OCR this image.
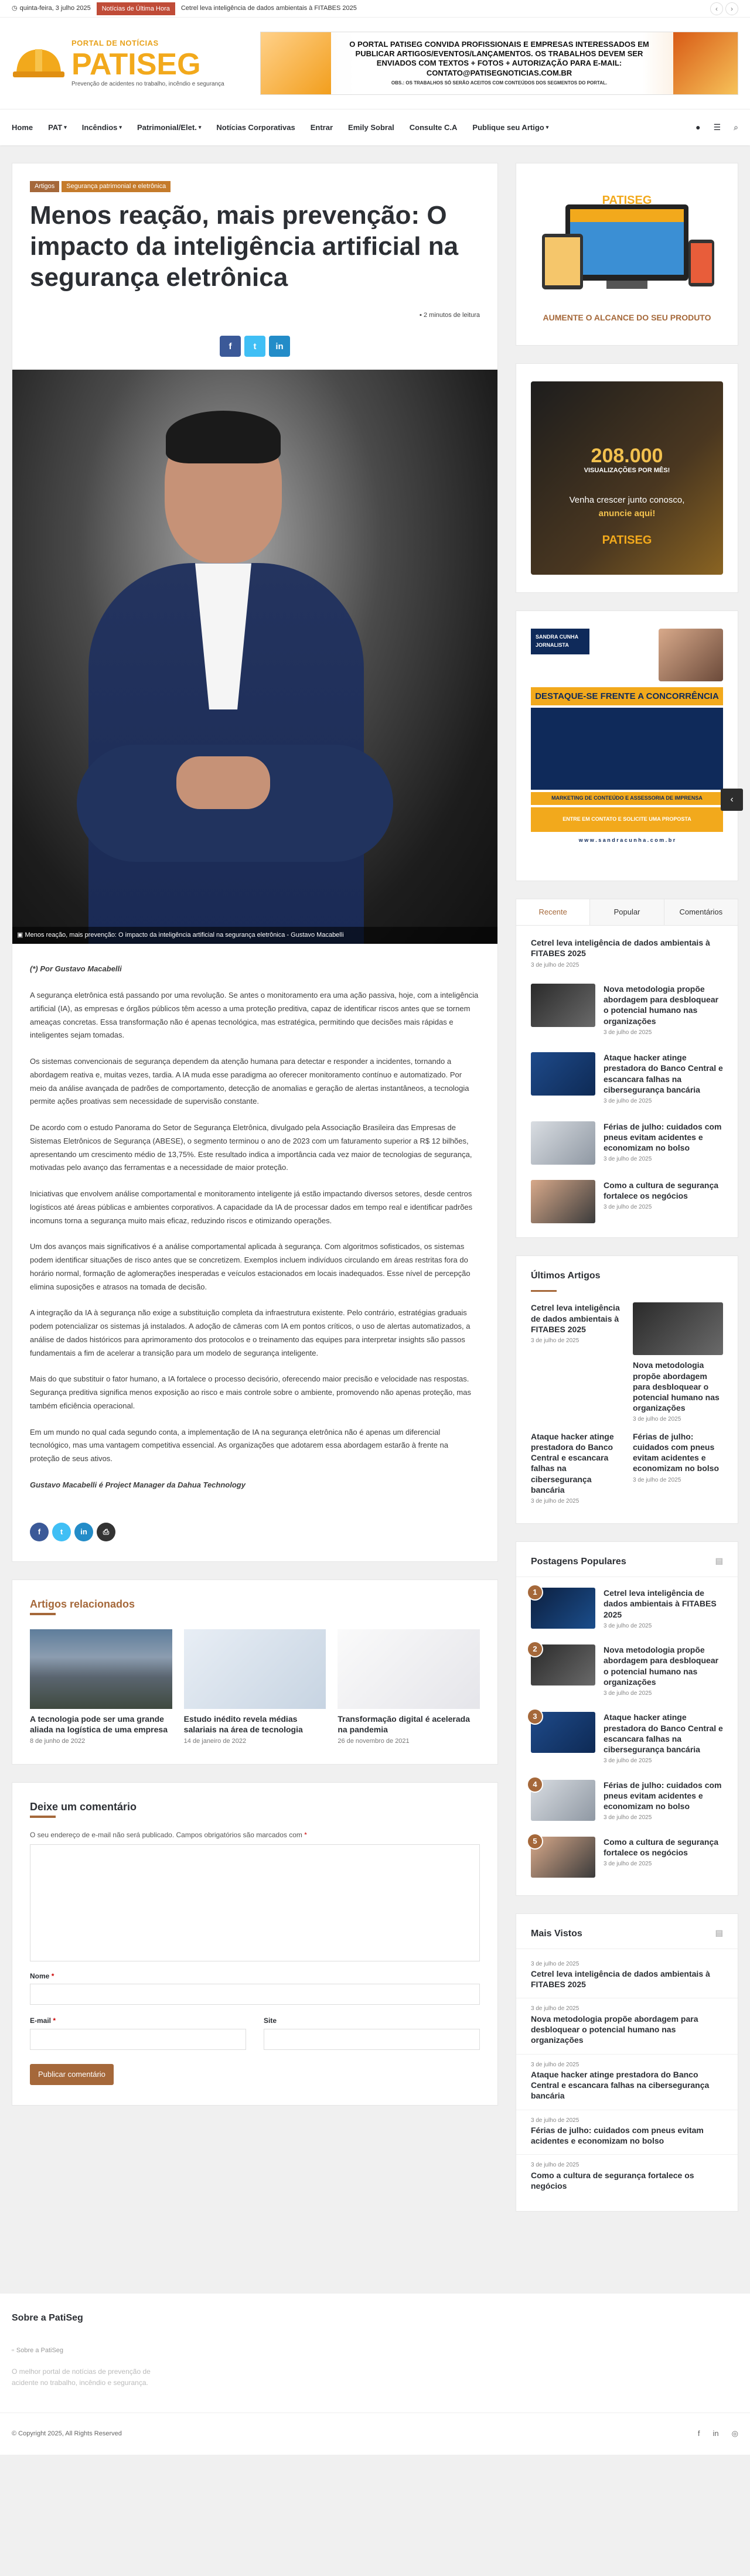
◷ quinta-feira, 3 julho 2025	Notícias de Última Hora	Cetrel leva inteligência de dados ambientais à FITABES 2025	‹	›
PORTAL DE NOTÍCIAS
PATISEG
Prevenção de acidentes no trabalho, incêndio e segurança
O PORTAL PATISEG CONVIDA PROFISSIONAIS E EMPRESAS INTERESSADOS EM PUBLICAR ARTIGOS/EVENTOS/LANÇAMENTOS. OS TRABALHOS DEVEM SER ENVIADOS COM TEXTOS + FOTOS + AUTORIZAÇÃO PARA E-MAIL: CONTATO@PATISEGNOTICIAS.COM.BR
OBS.: OS TRABALHOS SÓ SERÃO ACEITOS COM CONTEÚDOS DOS SEGMENTOS DO PORTAL.
Home PAT ▾ Incêndios ▾ Patrimonial/Elet. ▾ Notícias Corporativas Entrar Emily Sobral Consulte C.A Publique seu Artigo ▾	● ☰ ⌕
Artigos	Segurança patrimonial e eletrônica
Menos reação, mais prevenção: O impacto da inteligência artificial na segurança eletrônica
▪ 2 minutos de leitura
f	t	in
▣ Menos reação, mais prevenção: O impacto da inteligência artificial na segurança eletrônica - Gustavo Macabelli

(*) Por Gustavo Macabelli

A segurança eletrônica está passando por uma revolução. Se antes o monitoramento era uma ação passiva, hoje, com a inteligência artificial (IA), as empresas e órgãos públicos têm acesso a uma proteção preditiva, capaz de identificar riscos antes que se tornem ameaças concretas. Essa transformação não é apenas tecnológica, mas estratégica, permitindo que decisões mais rápidas e inteligentes sejam tomadas.

Os sistemas convencionais de segurança dependem da atenção humana para detectar e responder a incidentes, tornando a abordagem reativa e, muitas vezes, tardia. A IA muda esse paradigma ao oferecer monitoramento contínuo e automatizado. Por meio da análise avançada de padrões de comportamento, detecção de anomalias e geração de alertas instantâneos, a tecnologia permite ações proativas sem necessidade de supervisão constante.

De acordo com o estudo Panorama do Setor de Segurança Eletrônica, divulgado pela Associação Brasileira das Empresas de Sistemas Eletrônicos de Segurança (ABESE), o segmento terminou o ano de 2023 com um faturamento superior a R$ 12 bilhões, apresentando um crescimento médio de 13,75%. Este resultado indica a importância cada vez maior de tecnologias de segurança, motivadas pelo avanço das ferramentas e a necessidade de maior proteção.

Iniciativas que envolvem análise comportamental e monitoramento inteligente já estão impactando diversos setores, desde centros logísticos até áreas públicas e ambientes corporativos. A capacidade da IA de processar dados em tempo real e identificar padrões incomuns torna a segurança muito mais eficaz, reduzindo riscos e otimizando operações.

Um dos avanços mais significativos é a análise comportamental aplicada à segurança. Com algoritmos sofisticados, os sistemas podem identificar situações de risco antes que se concretizem. Exemplos incluem indivíduos circulando em áreas restritas fora do horário normal, formação de aglomerações inesperadas e veículos estacionados em locais inadequados. Esse nível de percepção elimina suposições e atrasos na tomada de decisão.

A integração da IA à segurança não exige a substituição completa da infraestrutura existente. Pelo contrário, estratégias graduais podem potencializar os sistemas já instalados. A adoção de câmeras com IA em pontos críticos, o uso de alertas automatizados, a análise de dados históricos para aprimoramento dos protocolos e o treinamento das equipes para interpretar insights são passos fundamentais a fim de acelerar a transição para um modelo de segurança inteligente.

Mais do que substituir o fator humano, a IA fortalece o processo decisório, oferecendo maior precisão e velocidade nas respostas. Segurança preditiva significa menos exposição ao risco e mais controle sobre o ambiente, promovendo não apenas proteção, mas também eficiência operacional.

Em um mundo no qual cada segundo conta, a implementação de IA na segurança eletrônica não é apenas um diferencial tecnológico, mas uma vantagem competitiva essencial. As organizações que adotarem essa abordagem estarão à frente na proteção de seus ativos.

Gustavo Macabelli é Project Manager da Dahua Technology

f	t	in	⎙
Artigos relacionados
A tecnologia pode ser uma grande aliada na logística de uma empresa
8 de junho de 2022
Estudo inédito revela médias salariais na área de tecnologia
14 de janeiro de 2022
Transformação digital é acelerada na pandemia
26 de novembro de 2021
Deixe um comentário
O seu endereço de e-mail não será publicado. Campos obrigatórios são marcados com *
Nome *
E-mail *	Site
Publicar comentário
PATISEG
AUMENTE O ALCANCE DO SEU PRODUTO
208.000
VISUALIZAÇÕES POR MÊS!
Venha crescer junto conosco,
anuncie aqui!
PATISEG
SANDRA CUNHA
JORNALISTA
DESTAQUE-SE FRENTE A CONCORRÊNCIA
MARKETING DE CONTEÚDO E ASSESSORIA DE IMPRENSA
ENTRE EM CONTATO E SOLICITE UMA PROPOSTA
w w w . s a n d r a c u n h a . c o m . b r
Recente	Popular	Comentários
Cetrel leva inteligência de dados ambientais à FITABES 2025
3 de julho de 2025
Nova metodologia propõe abordagem para desbloquear o potencial humano nas organizações
3 de julho de 2025
Ataque hacker atinge prestadora do Banco Central e escancara falhas na cibersegurança bancária
3 de julho de 2025
Férias de julho: cuidados com pneus evitam acidentes e economizam no bolso
3 de julho de 2025
Como a cultura de segurança fortalece os negócios
3 de julho de 2025
Últimos Artigos
Cetrel leva inteligência de dados ambientais à FITABES 2025
3 de julho de 2025
Nova metodologia propõe abordagem para desbloquear o potencial humano nas organizações
3 de julho de 2025
Ataque hacker atinge prestadora do Banco Central e escancara falhas na cibersegurança bancária
3 de julho de 2025
Férias de julho: cuidados com pneus evitam acidentes e economizam no bolso
3 de julho de 2025
Postagens Populares	▤
1	Cetrel leva inteligência de dados ambientais à FITABES 2025
3 de julho de 2025
2	Nova metodologia propõe abordagem para desbloquear o potencial humano nas organizações
3 de julho de 2025
3	Ataque hacker atinge prestadora do Banco Central e escancara falhas na cibersegurança bancária
3 de julho de 2025
4	Férias de julho: cuidados com pneus evitam acidentes e economizam no bolso
3 de julho de 2025
5	Como a cultura de segurança fortalece os negócios
3 de julho de 2025
Mais Vistos	▤
3 de julho de 2025
Cetrel leva inteligência de dados ambientais à FITABES 2025
3 de julho de 2025
Nova metodologia propõe abordagem para desbloquear o potencial humano nas organizações
3 de julho de 2025
Ataque hacker atinge prestadora do Banco Central e escancara falhas na cibersegurança bancária
3 de julho de 2025
Férias de julho: cuidados com pneus evitam acidentes e economizam no bolso
3 de julho de 2025
Como a cultura de segurança fortalece os negócios
‹
Sobre a PatiSeg
▫ Sobre a PatiSeg
O melhor portal de notícias de prevenção de acidente no trabalho, incêndio e segurança.
© Copyright 2025, All Rights Reserved	f in ◎
